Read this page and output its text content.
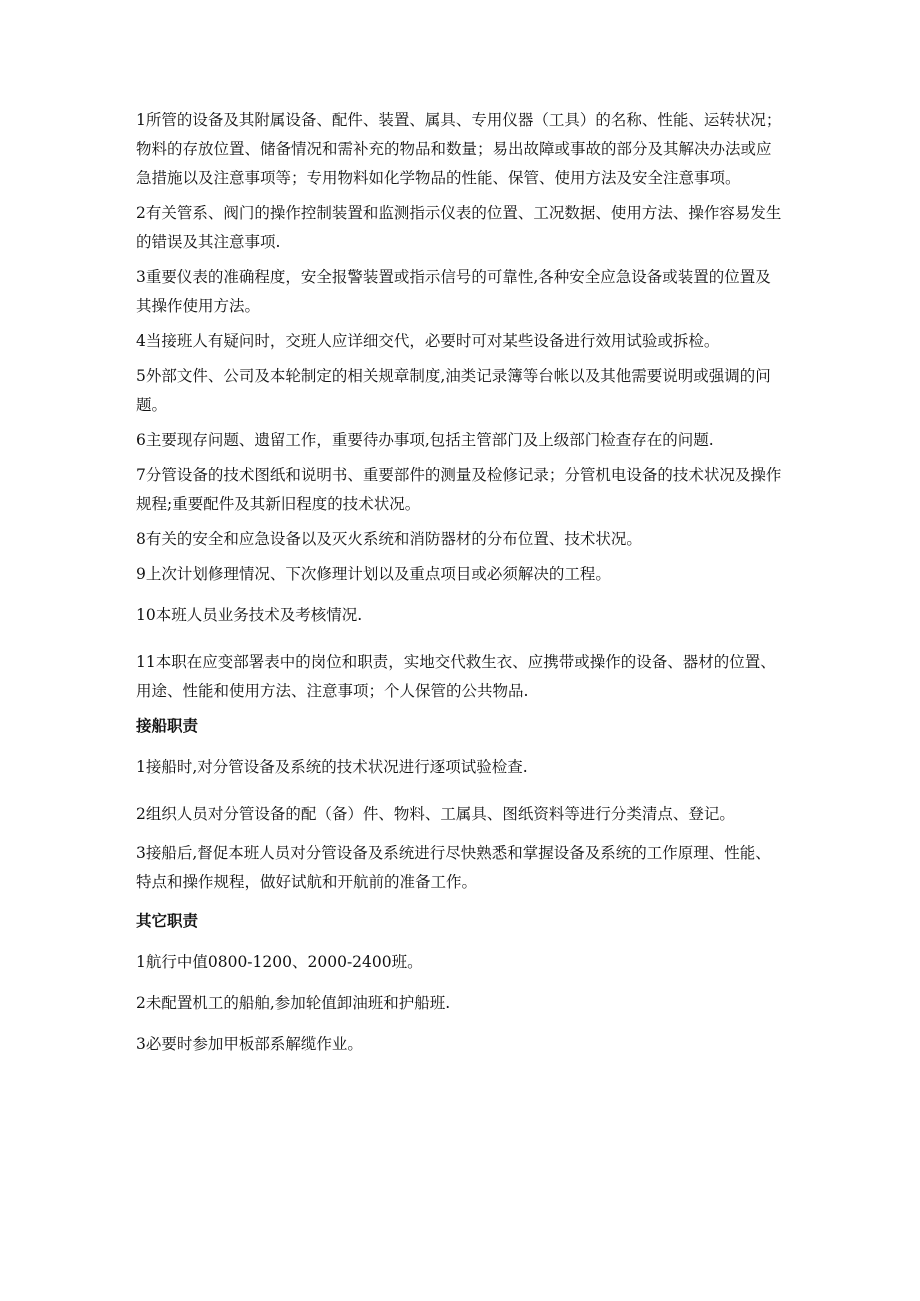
1所管的设备及其附属设备、配件、装置、属具、专用仪器（工具）的名称、性能、运转状况；物料的存放位置、储备情况和需补充的物品和数量；易出故障或事故的部分及其解决办法或应急措施以及注意事项等；专用物料如化学物品的性能、保管、使用方法及安全注意事项。

2有关管系、阀门的操作控制装置和监测指示仪表的位置、工况数据、使用方法、操作容易发生的错误及其注意事项.

3重要仪表的准确程度，安全报警装置或指示信号的可靠性,各种安全应急设备或装置的位置及其操作使用方法。

4当接班人有疑问时，交班人应详细交代，必要时可对某些设备进行效用试验或拆检。

5外部文件、公司及本轮制定的相关规章制度,油类记录簿等台帐以及其他需要说明或强调的问题。

6主要现存问题、遗留工作，重要待办事项,包括主管部门及上级部门检查存在的问题.

7分管设备的技术图纸和说明书、重要部件的测量及检修记录；分管机电设备的技术状况及操作规程;重要配件及其新旧程度的技术状况。

8有关的安全和应急设备以及灭火系统和消防器材的分布位置、技术状况。

9上次计划修理情况、下次修理计划以及重点项目或必须解决的工程。

10本班人员业务技术及考核情况.

11本职在应变部署表中的岗位和职责，实地交代救生衣、应携带或操作的设备、器材的位置、用途、性能和使用方法、注意事项；个人保管的公共物品.

接船职责

1接船时,对分管设备及系统的技术状况进行逐项试验检查.

2组织人员对分管设备的配（备）件、物料、工属具、图纸资料等进行分类清点、登记。

3接船后,督促本班人员对分管设备及系统进行尽快熟悉和掌握设备及系统的工作原理、性能、特点和操作规程，做好试航和开航前的准备工作。

其它职责

1航行中值0800-1200、2000-2400班。

2未配置机工的船舶,参加轮值卸油班和护船班.

3必要时参加甲板部系解缆作业。
